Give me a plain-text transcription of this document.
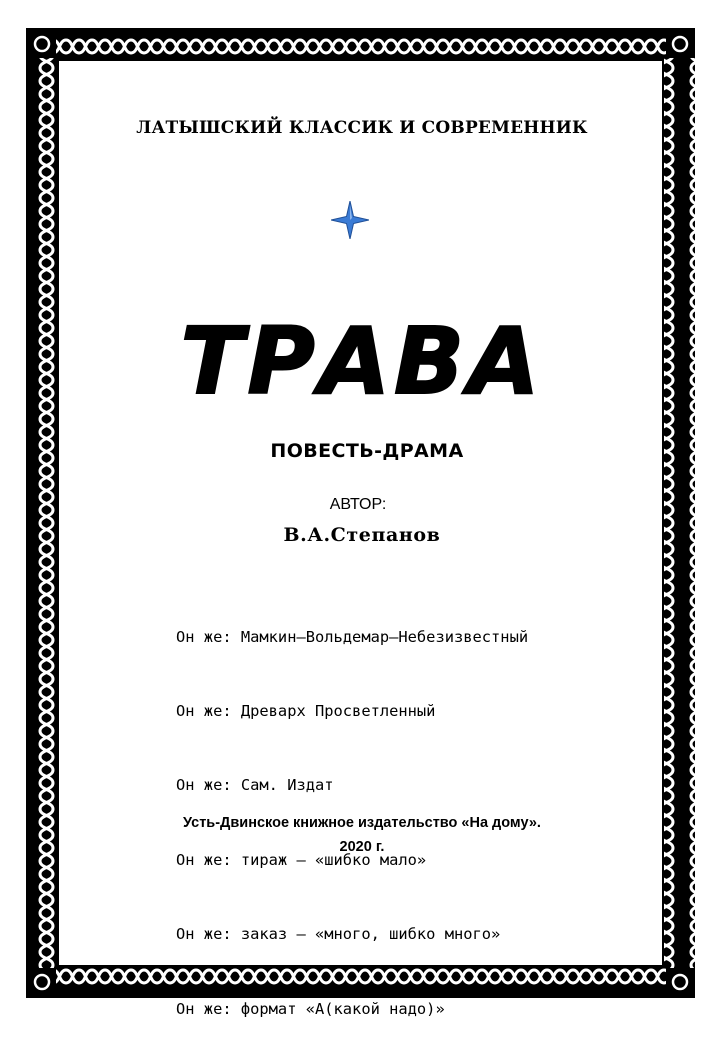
ЛАТЫШСКИЙ КЛАССИК И СОВРЕМЕННИК
ТРАВА
ПОВЕСТЬ-ДРАМА
АВТОР:
В.А.Степанов

Он же: Мамкин–Вольдемар–Небезизвестный

Он же: Древарх Просветленный

Он же: Сам. Издат

Он же: тираж – «шибко мало»

Он же: заказ – «много, шибко много»

Он же: формат «А(какой надо)»

Усть-Двинское книжное издательство «На дому».
2020 г.
